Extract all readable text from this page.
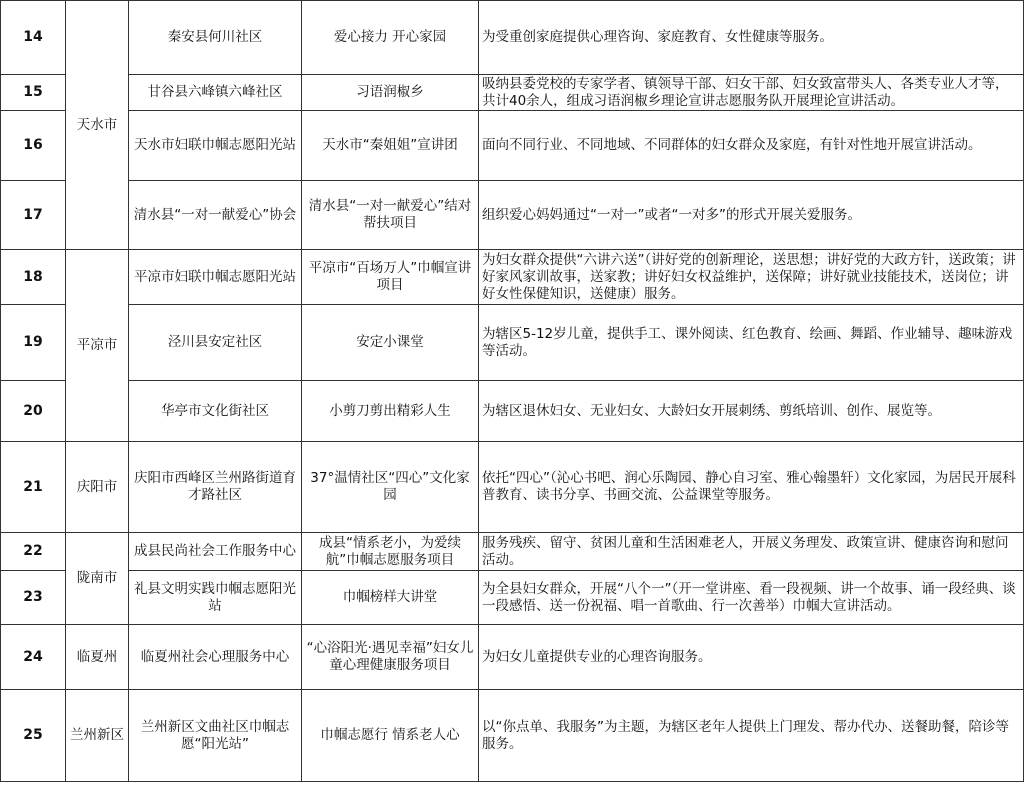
14	天水市	秦安县何川社区	爱心接力 开心家园	为受重创家庭提供心理咨询、家庭教育、女性健康等服务。
15		甘谷县六峰镇六峰社区	习语润椒乡	吸纳县委党校的专家学者、镇领导干部、妇女干部、妇女致富带头人、各类专业人才等，共计40余人，组成习语润椒乡理论宣讲志愿服务队开展理论宣讲活动。
16		天水市妇联巾帼志愿阳光站	天水市“秦姐姐”宣讲团	面向不同行业、不同地域、不同群体的妇女群众及家庭，有针对性地开展宣讲活动。
17		清水县“一对一献爱心”协会	清水县“一对一献爱心”结对帮扶项目	组织爱心妈妈通过“一对一”或者“一对多”的形式开展关爱服务。
18	平凉市	平凉市妇联巾帼志愿阳光站	平凉市“百场万人”巾帼宣讲项目	为妇女群众提供“六讲六送”（讲好党的创新理论，送思想；讲好党的大政方针，送政策；讲好家风家训故事，送家教；讲好妇女权益维护，送保障；讲好就业技能技术，送岗位；讲好女性保健知识，送健康）服务。
19		泾川县安定社区	安定小课堂	为辖区5-12岁儿童，提供手工、课外阅读、红色教育、绘画、舞蹈、作业辅导、趣味游戏等活动。
20		华亭市文化街社区	小剪刀剪出精彩人生	为辖区退休妇女、无业妇女、大龄妇女开展刺绣、剪纸培训、创作、展览等。
21	庆阳市	庆阳市西峰区兰州路街道育才路社区	37°温情社区“四心”文化家园	依托“四心”（沁心书吧、润心乐陶园、静心自习室、雅心翰墨轩）文化家园，为居民开展科普教育、读书分享、书画交流、公益课堂等服务。
22	陇南市	成县民尚社会工作服务中心	成县“情系老小，为爱续航”巾帼志愿服务项目	服务残疾、留守、贫困儿童和生活困难老人，开展义务理发、政策宣讲、健康咨询和慰问活动。
23		礼县文明实践巾帼志愿阳光站	巾帼榜样大讲堂	为全县妇女群众，开展“八个一”（开一堂讲座、看一段视频、讲一个故事、诵一段经典、谈一段感悟、送一份祝福、唱一首歌曲、行一次善举）巾帼大宣讲活动。
24	临夏州	临夏州社会心理服务中心	“心浴阳光·遇见幸福”妇女儿童心理健康服务项目	为妇女儿童提供专业的心理咨询服务。
25	兰州新区	兰州新区文曲社区巾帼志愿“阳光站”	巾帼志愿行 情系老人心	以“你点单、我服务”为主题，为辖区老年人提供上门理发、帮办代办、送餐助餐，陪诊等服务。
